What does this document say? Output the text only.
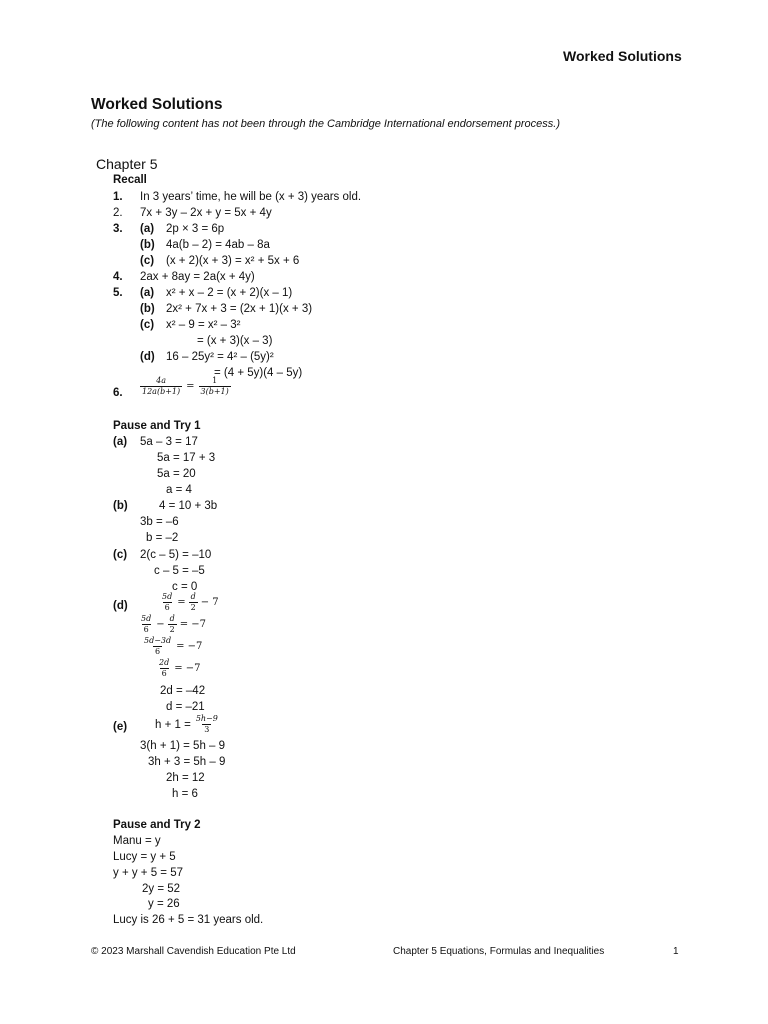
Worked Solutions
Worked Solutions
(The following content has not been through the Cambridge International endorsement process.)
Chapter 5
Recall
1. In 3 years’ time, he will be (x + 3) years old.
2. 7x + 3y – 2x + y = 5x + 4y
3. (a) 2p × 3 = 6p
(b) 4a(b – 2) = 4ab – 8a
(c) (x + 2)(x + 3) = x² + 5x + 6
4. 2ax + 8ay = 2a(x + 4y)
5. (a) x² + x – 2 = (x + 2)(x – 1)
(b) 2x² + 7x + 3 = (2x + 1)(x + 3)
(c) x² – 9 = x² – 3²
= (x + 3)(x – 3)
(d) 16 – 25y² = 4² – (5y)²
= (4 + 5y)(4 – 5y)
6. $\frac{4a}{12a(b+1)} = \frac{1}{3(b+1)}$
Pause and Try 1
(a) 5a – 3 = 17
5a = 17 + 3
5a = 20
a = 4
(b)	4 = 10 + 3b
3b = –6
b = –2
(c) 2(c – 5) = –10
c – 5 = –5
c = 0
(d)	$\frac{5d}{6} = \frac{d}{2} - 7$
$\frac{5d}{6} - \frac{d}{2} = -7$
$\frac{5d-3d}{6} = -7$
$\frac{2d}{6} = -7$
2d = –42
d = –21
(e) $h + 1 = \frac{5h-9}{3}$
3(h + 1) = 5h – 9
3h + 3 = 5h – 9
2h = 12
h = 6
Pause and Try 2
Manu = y
Lucy = y + 5
y + y + 5 = 57
2y = 52
y = 26
Lucy is 26 + 5 = 31 years old.
© 2023 Marshall Cavendish Education Pte Ltd	Chapter 5 Equations, Formulas and Inequalities	1
